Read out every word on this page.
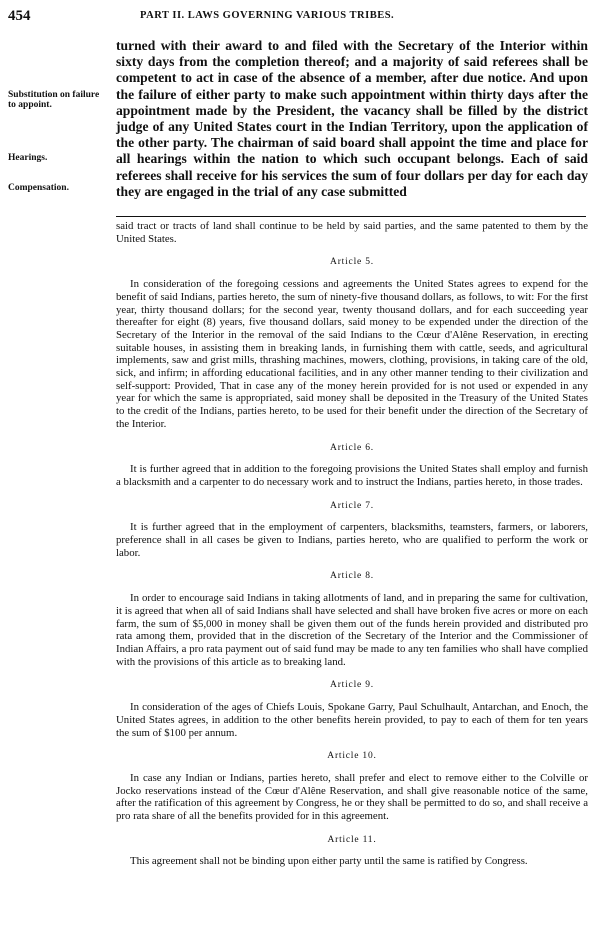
454	PART II. LAWS GOVERNING VARIOUS TRIBES.
Substitution on failure to appoint.
Hearings.
Compensation.

turned with their award to and filed with the Secretary of the Interior within sixty days from the completion thereof; and a majority of said referees shall be competent to act in case of the absence of a member, after due notice. And upon the failure of either party to make such appointment within thirty days after the appointment made by the President, the vacancy shall be filled by the district judge of any United States court in the Indian Territory, upon the application of the other party. The chairman of said board shall appoint the time and place for all hearings within the nation to which such occupant belongs. Each of said referees shall receive for his services the sum of four dollars per day for each day they are engaged in the trial of any case submitted

said tract or tracts of land shall continue to be held by said parties, and the same patented to them by the United States.

Article 5.

In consideration of the foregoing cessions and agreements the United States agrees to expend for the benefit of said Indians, parties hereto, the sum of ninety-five thousand dollars, as follows, to wit: For the first year, thirty thousand dollars; for the second year, twenty thousand dollars, and for each succeeding year thereafter for eight (8) years, five thousand dollars, said money to be expended under the direction of the Secretary of the Interior in the removal of the said Indians to the Cœur d'Alêne Reservation, in erecting suitable houses, in assisting them in breaking lands, in furnishing them with cattle, seeds, and agricultural implements, saw and grist mills, thrashing machines, mowers, clothing, provisions, in taking care of the old, sick, and infirm; in affording educational facilities, and in any other manner tending to their civilization and self-support: Provided, That in case any of the money herein provided for is not used or expended in any year for which the same is appropriated, said money shall be deposited in the Treasury of the United States to the credit of the Indians, parties hereto, to be used for their benefit under the direction of the Secretary of the Interior.

Article 6.

It is further agreed that in addition to the foregoing provisions the United States shall employ and furnish a blacksmith and a carpenter to do necessary work and to instruct the Indians, parties hereto, in those trades.

Article 7.

It is further agreed that in the employment of carpenters, blacksmiths, teamsters, farmers, or laborers, preference shall in all cases be given to Indians, parties hereto, who are qualified to perform the work or labor.

Article 8.

In order to encourage said Indians in taking allotments of land, and in preparing the same for cultivation, it is agreed that when all of said Indians shall have selected and shall have broken five acres or more on each farm, the sum of $5,000 in money shall be given them out of the funds herein provided and distributed pro rata among them, provided that in the discretion of the Secretary of the Interior and the Commissioner of Indian Affairs, a pro rata payment out of said fund may be made to any ten families who shall have complied with the provisions of this article as to breaking land.

Article 9.

In consideration of the ages of Chiefs Louis, Spokane Garry, Paul Schulhault, Antarchan, and Enoch, the United States agrees, in addition to the other benefits herein provided, to pay to each of them for ten years the sum of $100 per annum.

Article 10.

In case any Indian or Indians, parties hereto, shall prefer and elect to remove either to the Colville or Jocko reservations instead of the Cœur d'Alêne Reservation, and shall give reasonable notice of the same, after the ratification of this agreement by Congress, he or they shall be permitted to do so, and shall receive a pro rata share of all the benefits provided for in this agreement.

Article 11.

This agreement shall not be binding upon either party until the same is ratified by Congress.
